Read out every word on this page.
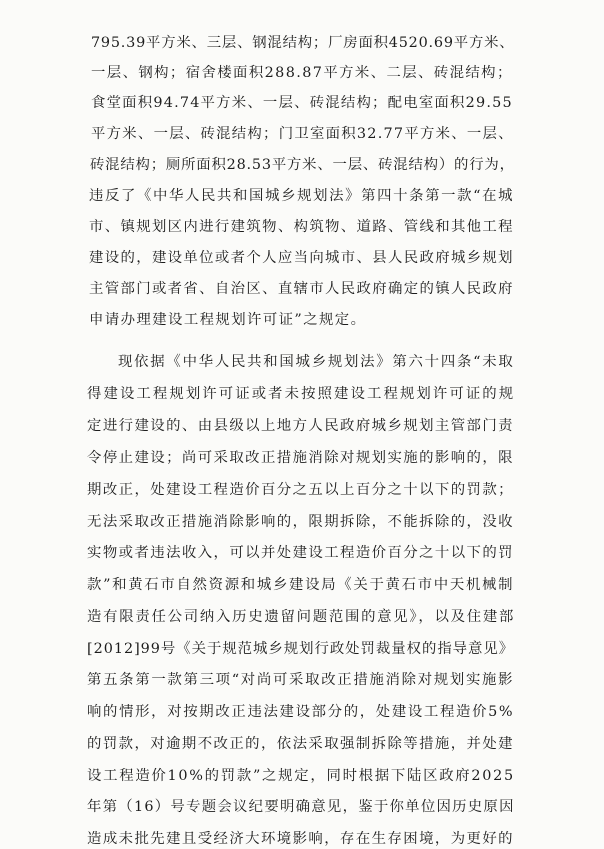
795.39平方米、三层、钢混结构；厂房面积4520.69平方米、
一层、钢构；宿舍楼面积288.87平方米、二层、砖混结构；
食堂面积94.74平方米、一层、砖混结构；配电室面积29.55
平方米、一层、砖混结构；门卫室面积32.77平方米、一层、
砖混结构；厕所面积28.53平方米、一层、砖混结构）的行为，
违反了《中华人民共和国城乡规划法》第四十条第一款“在城
市、镇规划区内进行建筑物、构筑物、道路、管线和其他工程
建设的，建设单位或者个人应当向城市、县人民政府城乡规划
主管部门或者省、自治区、直辖市人民政府确定的镇人民政府
申请办理建设工程规划许可证”之规定。
现依据《中华人民共和国城乡规划法》第六十四条“未取
得建设工程规划许可证或者未按照建设工程规划许可证的规
定进行建设的、由县级以上地方人民政府城乡规划主管部门责
令停止建设；尚可采取改正措施消除对规划实施的影响的，限
期改正，处建设工程造价百分之五以上百分之十以下的罚款；
无法采取改正措施消除影响的，限期拆除，不能拆除的，没收
实物或者违法收入，可以并处建设工程造价百分之十以下的罚
款”和黄石市自然资源和城乡建设局《关于黄石市中天机械制
造有限责任公司纳入历史遗留问题范围的意见》，以及住建部
[2012]99号《关于规范城乡规划行政处罚裁量权的指导意见》
第五条第一款第三项“对尚可采取改正措施消除对规划实施影
响的情形，对按期改正违法建设部分的，处建设工程造价5%
的罚款，对逾期不改正的，依法采取强制拆除等措施，并处建
设工程造价10%的罚款”之规定，同时根据下陆区政府2025
年第（16）号专题会议纪要明确意见，鉴于你单位因历史原因
造成未批先建且受经济大环境影响，存在生存困境，为更好的
